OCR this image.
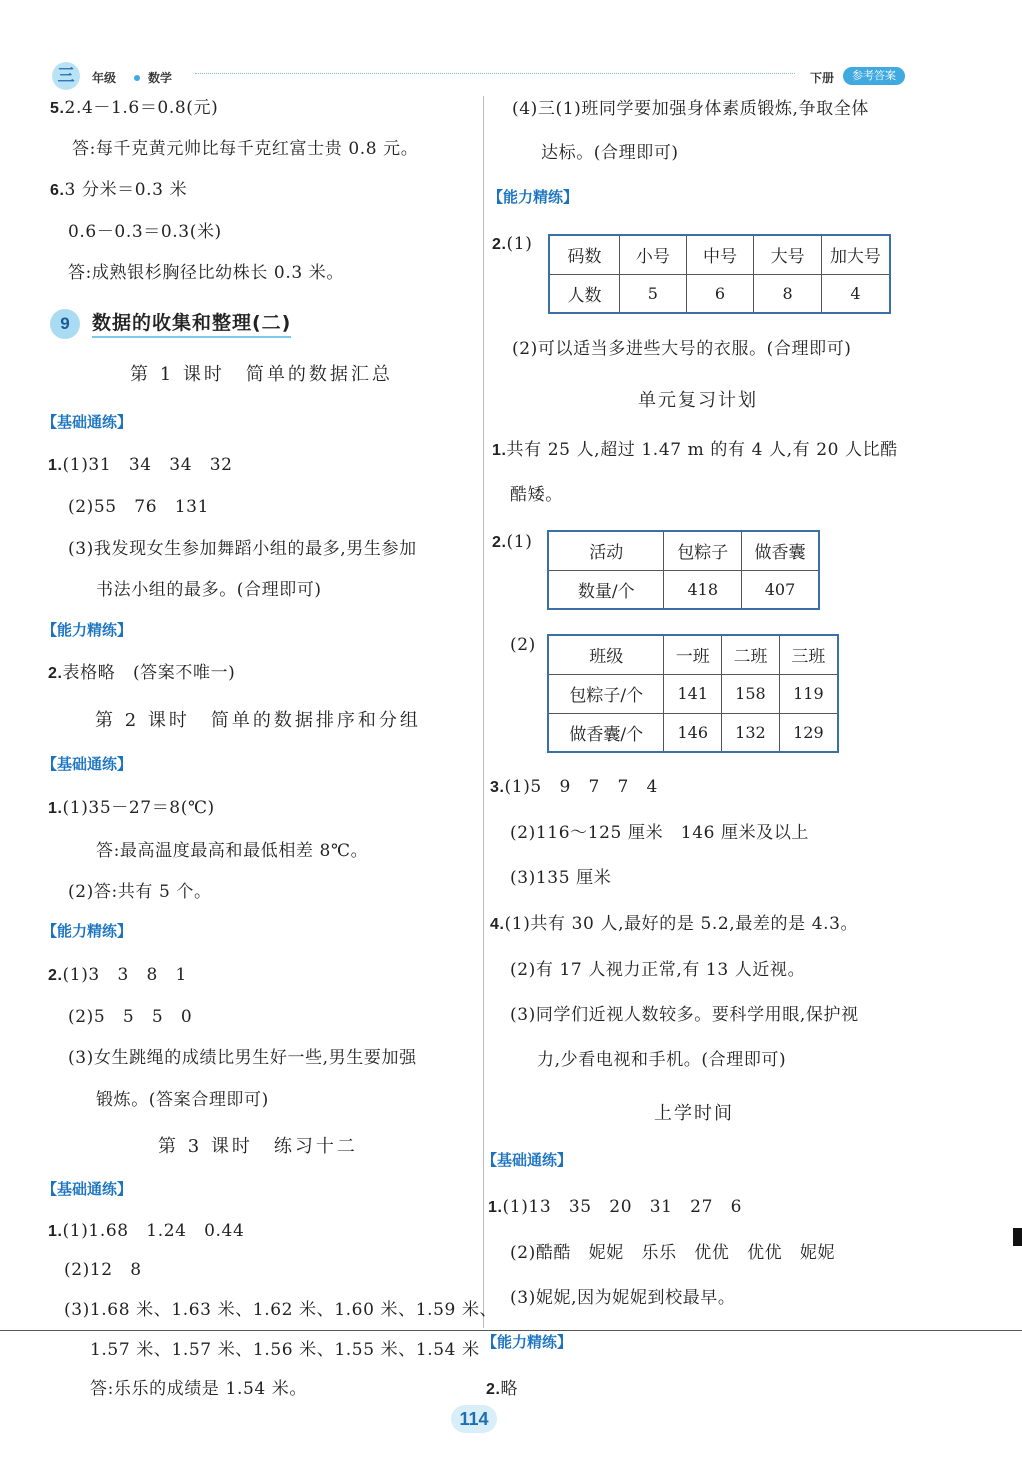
三	年级	数学	下册	参考答案
5.2.4－1.6＝0.8(元)
答:每千克黄元帅比每千克红富士贵 0.8 元。
6.3 分米＝0.3 米
0.6－0.3＝0.3(米)
答:成熟银杉胸径比幼株长 0.3 米。
9	数据的收集和整理(二)
第 1 课时　简单的数据汇总
【 基础通练 】
1.(1)31　34　34　32
(2)55　76　131
(3)我发现女生参加舞蹈小组的最多,男生参加
书法小组的最多。(合理即可)
【 能力精练 】
2.表格略　(答案不唯一)
第 2 课时　简单的数据排序和分组
【 基础通练 】
1.(1)35－27＝8(℃)
答:最高温度最高和最低相差 8℃。
(2)答:共有 5 个。
【 能力精练 】
2.(1)3　3　8　1
(2)5　5　5　0
(3)女生跳绳的成绩比男生好一些,男生要加强
锻炼。(答案合理即可)
第 3 课时　练习十二
【 基础通练 】
1.(1)1.68　1.24　0.44
(2)12　8
(3)1.68 米、1.63 米、1.62 米、1.60 米、1.59 米、
1.57 米、1.57 米、1.56 米、1.55 米、1.54 米
答:乐乐的成绩是 1.54 米。
(4)三(1)班同学要加强身体素质锻炼,争取全体
达标。(合理即可)
【 能力精练 】
2.(1)
码数	小号	中号	大号	加大号
人数	5	6	8	4
(2)可以适当多进些大号的衣服。(合理即可)
单元复习计划
1.共有 25 人,超过 1.47 m 的有 4 人,有 20 人比酷
酷矮。
2.(1)
活动	包粽子	做香囊
数量/个	418	407
(2)
班级	一班	二班	三班
包粽子/个	141	158	119
做香囊/个	146	132	129
3.(1)5　9　7　7　4
(2)116～125 厘米　146 厘米及以上
(3)135 厘米
4.(1)共有 30 人,最好的是 5.2,最差的是 4.3。
(2)有 17 人视力正常,有 13 人近视。
(3)同学们近视人数较多。要科学用眼,保护视
力,少看电视和手机。(合理即可)
上学时间
【 基础通练 】
1.(1)13　35　20　31　27　6
(2)酷酷　妮妮　乐乐　优优　优优　妮妮
(3)妮妮,因为妮妮到校最早。
【 能力精练 】
2.略
114
